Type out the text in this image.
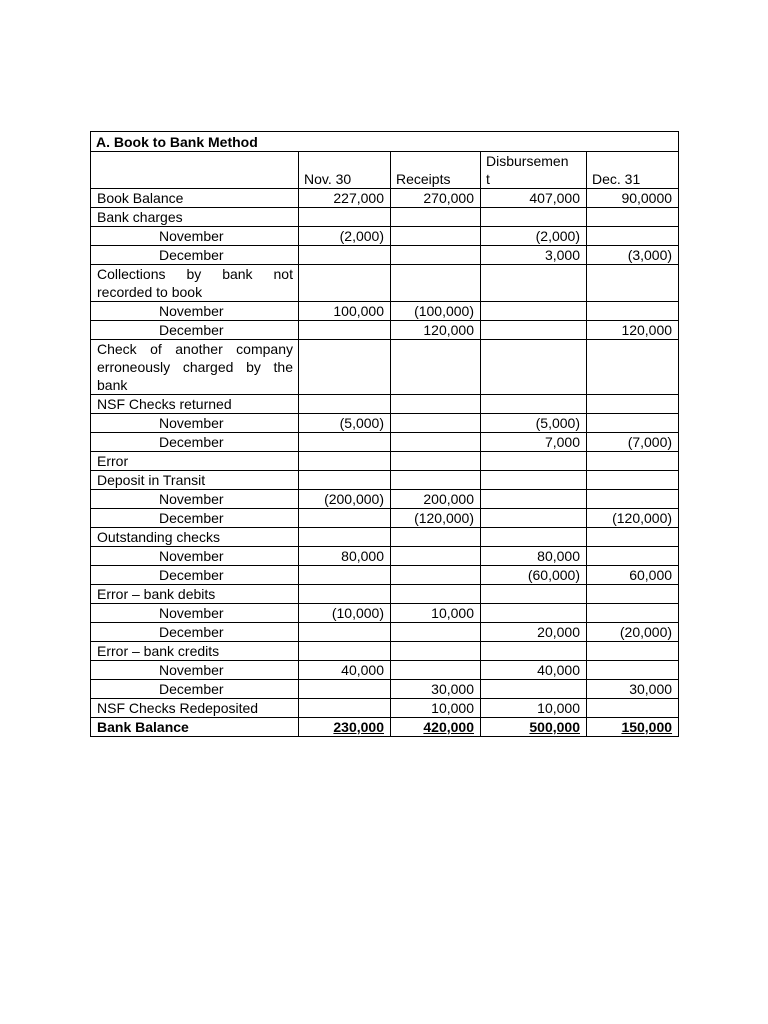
A. Book to Bank Method				
	Nov. 30	Receipts	Disbursemen
t	Dec. 31
Book Balance	227,000	270,000	407,000	90,0000
Bank charges				
November	(2,000)		(2,000)	
December			3,000	(3,000)
Collections by bank not recorded to book				
November	100,000	(100,000)		
December		120,000		120,000
Check of another company erroneously charged by the bank				
NSF Checks returned				
November	(5,000)		(5,000)	
December			7,000	(7,000)
Error				
Deposit in Transit				
November	(200,000)	200,000		
December		(120,000)		(120,000)
Outstanding checks				
November	80,000		80,000	
December			(60,000)	60,000
Error – bank debits				
November	(10,000)	10,000		
December			20,000	(20,000)
Error – bank credits				
November	40,000		40,000	
December		30,000		30,000
NSF Checks Redeposited		10,000	10,000	
Bank Balance	230,000	420,000	500,000	150,000
